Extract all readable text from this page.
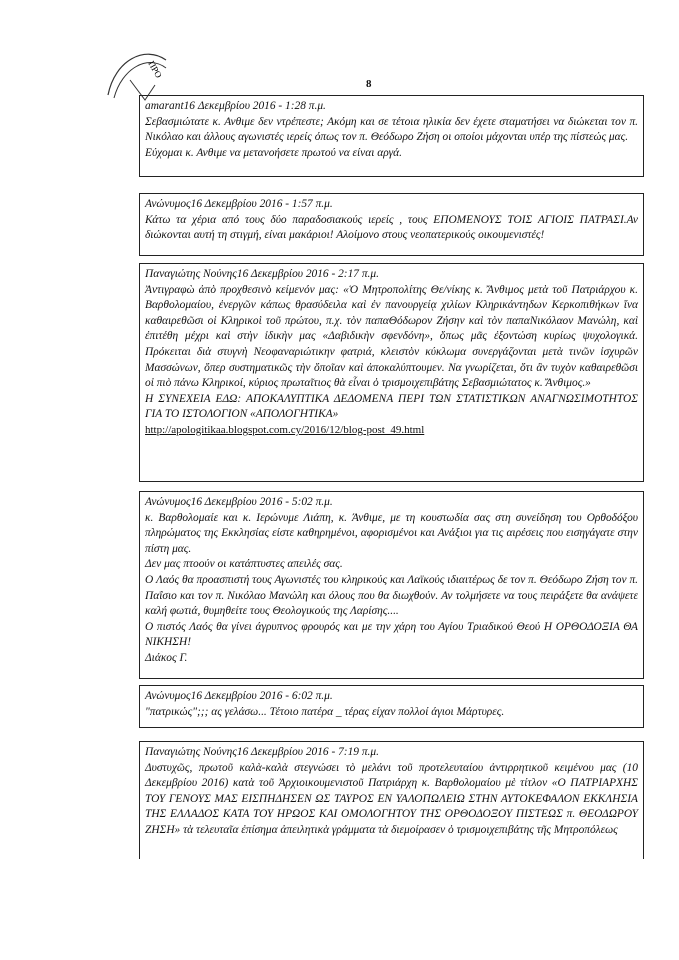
ΠΡΟ
8

amarant16 Δεκεμβρίου 2016 - 1:28 π.μ.

Σεβασμιώτατε κ. Ανθιμε δεν ντρέπεστε; Ακόμη και σε τέτοια ηλικία δεν έχετε σταματήσει να διώκεται τον π. Νικόλαο και άλλους αγωνιστές ιερείς όπως τον π. Θεόδωρο Ζήση οι οποίοι μάχονται υπέρ της πίστεώς μας.

Εύχομαι κ. Ανθιμε να μετανοήσετε πρωτού να είναι αργά.

Ανώνυμος16 Δεκεμβρίου 2016 - 1:57 π.μ.

Κάτω τα χέρια από τους δύο παραδοσιακούς ιερείς , τους ΕΠΟΜΕΝΟΥΣ ΤΟΙΣ ΑΓΙΟΙΣ ΠΑΤΡΑΣΙ.Αν διώκονται αυτή τη στιγμή, είναι μακάριοι! Αλοίμονο στους νεοπατερικούς οικουμενιστές!

Παναγιώτης Νούνης16 Δεκεμβρίου 2016 - 2:17 π.μ.

Ἀντιγραφὼ ἀπὸ προχθεσινὸ κείμενόν μας: «Ὁ Μητροπολίτης Θε/νίκης κ. Ἄνθιμος μετὰ τοῦ Πατριάρχου κ. Βαρθολομαίου, ἐνεργῶν κάπως θρασύδειλα καὶ ἐν πανουργείᾳ χιλίων Κληρικάντηδων Κερκοπιθήκων ἵνα καθαιρεθῶσι οἱ Κληρικοὶ τοῦ πρώτου, π.χ. τὸν παπαΘόδωρον Ζήσην καὶ τὸν παπαΝικόλαον Μανώλη, καὶ ἐπιτέθη μέχρι καὶ στὴν ἰδικὴν μας «Δαβιδικὴν σφενδόνη», ὅπως μᾶς ἐξοντώση κυρίως ψυχολογικά. Πρόκειται διὰ στυγνὴ Νεοφαναριώτικην φατριά, κλειστὸν κύκλωμα συνεργάζονται μετὰ τινῶν ἰσχυρῶν Μασσώνων, ὅπερ συστηματικῶς τὴν ὅποῖαν καὶ ἀποκαλύπτουμεν. Να γνωρίζεται, ὅτι ἂν τυχὸν καθαιρεθῶσι οἱ πιὸ πάνω Κληρικοί, κύριος πρωταῖτιος θὰ εἶναι ὁ τρισμοιχεπιβάτης Σεβασμιώτατος κ. Ἄνθιμος.»

Η ΣΥΝΕΧΕΙΑ ΕΔΩ: ΑΠΟΚΑΛΥΠΤΙΚΑ ΔΕΔΟΜΕΝΑ ΠΕΡΙ ΤΩΝ ΣΤΑΤΙΣΤΙΚΩΝ ΑΝΑΓΝΩΣΙΜΟΤΗΤΟΣ ΓΙΑ ΤΟ ΙΣΤΟΛΟΓΙΟΝ «ΑΠΟΛΟΓΗΤΙΚΑ»

http://apologitikaa.blogspot.com.cy/2016/12/blog-post_49.html

Ανώνυμος16 Δεκεμβρίου 2016 - 5:02 π.μ.

κ. Βαρθολομαίε και κ. Ιερώνυμε Λιάπη, κ. Άνθιμε, με τη κουστωδία σας στη συνείδηση του Ορθοδόξου πληρώματος της Εκκλησίας είστε καθηρημένοι, αφορισμένοι και Ανάξιοι για τις αιρέσεις που εισηγάγατε στην πίστη μας.

Δεν μας πτοούν οι κατάπτυστες απειλές σας.

Ο Λαός θα προασπιστή τους Αγωνιστές του κληρικούς και Λαϊκούς ιδιαιτέρως δε τον π. Θεόδωρο Ζήση τον π. Παΐσιο και τον π. Νικόλαο Μανώλη και όλους που θα διωχθούν. Αν τολμήσετε να τους πειράξετε θα ανάψετε καλή φωτιά, θυμηθείτε τους Θεολογικούς της Λαρίσης....

Ο πιστός Λαός θα γίνει άγρυπνος φρουρός και με την χάρη του Αγίου Τριαδικού Θεού Η ΟΡΘΟΔΟΞΙΑ ΘΑ ΝΙΚΗΣΗ!

Διάκος Γ.

Ανώνυμος16 Δεκεμβρίου 2016 - 6:02 π.μ.

"πατρικώς";;; ας γελάσω... Τέτοιο πατέρα _ τέρας είχαν πολλοί άγιοι Μάρτυρες.

Παναγιώτης Νούνης16 Δεκεμβρίου 2016 - 7:19 π.μ.

Δυστυχῶς, πρωτοῦ καλὰ-καλὰ στεγνώσει τὸ μελάνι τοῦ προτελευταίου ἀντιρρητικοῦ κειμένου μας (10 Δεκεμβρίου 2016) κατὰ τοῦ Ἀρχιοικουμενιστοῦ Πατριάρχη κ. Βαρθολομαίου μὲ τίτλον «Ο ΠΑΤΡΙΑΡΧΗΣ ΤΟΥ ΓΕΝΟΥΣ ΜΑΣ ΕΙΣΠΗΔΗΣΕΝ ΩΣ ΤΑΥΡΟΣ ΕΝ ΥΑΛΟΠΩΛΕΙΩ ΣΤΗΝ ΑΥΤΟΚΕΦΑΛΟΝ ΕΚΚΛΗΣΙΑ ΤΗΣ ΕΛΛΑΔΟΣ ΚΑΤΑ ΤΟΥ ΗΡΩΟΣ ΚΑΙ ΟΜΟΛΟΓΗΤΟΥ ΤΗΣ ΟΡΘΟΔΟΞΟΥ ΠΙΣΤΕΩΣ π. ΘΕΟΔΩΡΟΥ ΖΗΣΗ» τὰ τελευταῖα ἐπίσημα ἀπειλητικὰ γράμματα τὰ διεμοίρασεν ὁ τρισμοιχεπιβάτης τῆς Μητροπόλεως
